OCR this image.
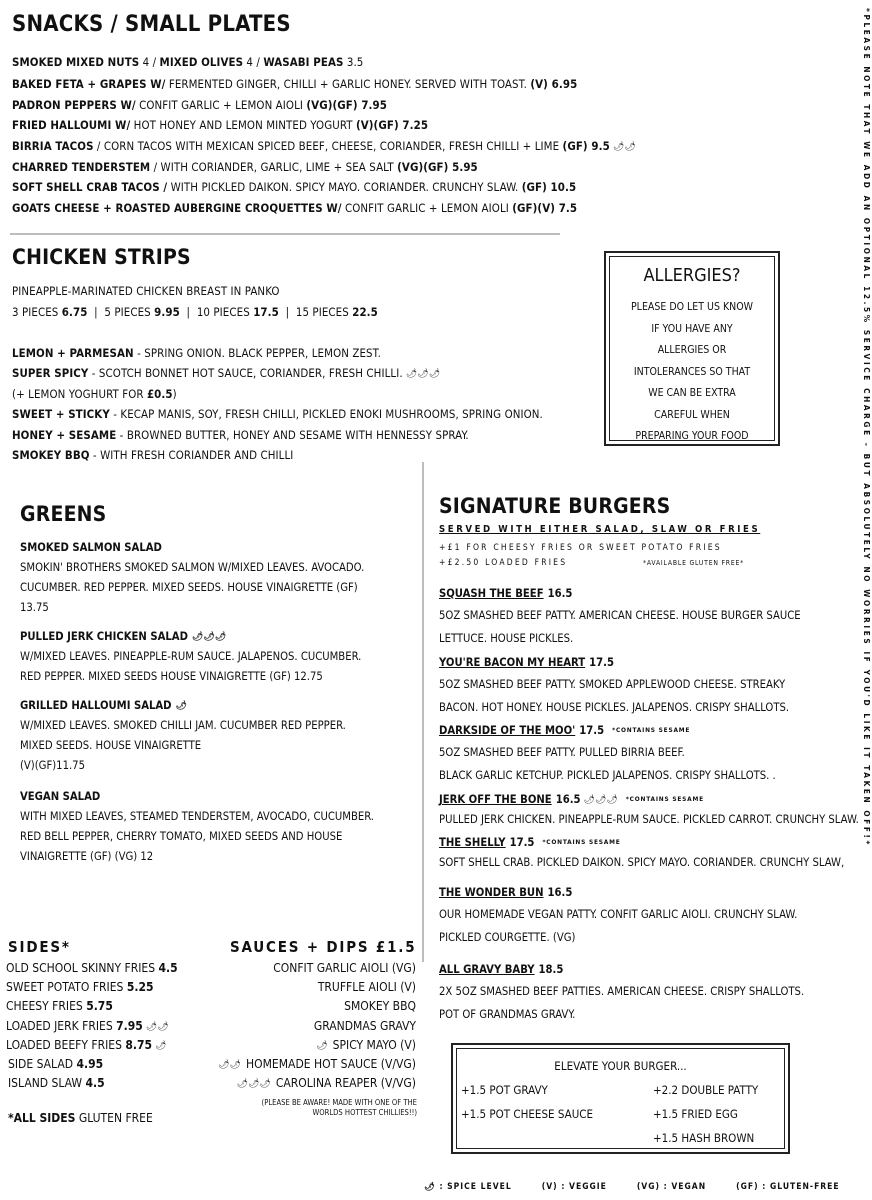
SNACKS / SMALL PLATES
SMOKED MIXED NUTS 4 / MIXED OLIVES 4 / WASABI PEAS 3.5
BAKED FETA + GRAPES W/ FERMENTED GINGER, CHILLI + GARLIC HONEY. SERVED WITH TOAST. (V) 6.95
PADRON PEPPERS W/ CONFIT GARLIC + LEMON AIOLI (VG)(GF) 7.95
FRIED HALLOUMI W/ HOT HONEY AND LEMON MINTED YOGURT (V)(GF) 7.25
BIRRIA TACOS / CORN TACOS WITH MEXICAN SPICED BEEF, CHEESE, CORIANDER, FRESH CHILLI + LIME (GF) 9.5 🌶🌶
CHARRED TENDERSTEM / WITH CORIANDER, GARLIC, LIME + SEA SALT (VG)(GF) 5.95
SOFT SHELL CRAB TACOS / WITH PICKLED DAIKON. SPICY MAYO. CORIANDER. CRUNCHY SLAW. (GF) 10.5
GOATS CHEESE + ROASTED AUBERGINE CROQUETTES W/ CONFIT GARLIC + LEMON AIOLI (GF)(V) 7.5
CHICKEN STRIPS
PINEAPPLE-MARINATED CHICKEN BREAST IN PANKO
3 PIECES 6.75  |  5 PIECES 9.95  |  10 PIECES 17.5  |  15 PIECES 22.5
LEMON + PARMESAN - SPRING ONION. BLACK PEPPER, LEMON ZEST.
SUPER SPICY - SCOTCH BONNET HOT SAUCE, CORIANDER, FRESH CHILLI. 🌶🌶🌶
(+ LEMON YOGHURT FOR £0.5)
SWEET + STICKY - KECAP MANIS, SOY, FRESH CHILLI, PICKLED ENOKI MUSHROOMS, SPRING ONION.
HONEY + SESAME - BROWNED BUTTER, HONEY AND SESAME WITH HENNESSY SPRAY.
SMOKEY BBQ - WITH FRESH CORIANDER AND CHILLI
ALLERGIES?
PLEASE DO LET US KNOW
IF YOU HAVE ANY
ALLERGIES OR
INTOLERANCES SO THAT
WE CAN BE EXTRA
CAREFUL WHEN
PREPARING YOUR FOOD	*PLEASE NOTE THAT WE ADD AN OPTIONAL 12.5% SERVICE CHARGE - BUT ABSOLUTELY NO WORRIES IF YOU'D LIKE IT TAKEN OFF!*
GREENS
SMOKED SALMON SALAD
SMOKIN' BROTHERS SMOKED SALMON W/MIXED LEAVES. AVOCADO.
CUCUMBER. RED PEPPER. MIXED SEEDS. HOUSE VINAIGRETTE (GF)
13.75
PULLED JERK CHICKEN SALAD 🌶🌶🌶
W/MIXED LEAVES. PINEAPPLE-RUM SAUCE. JALAPENOS. CUCUMBER.
RED PEPPER. MIXED SEEDS HOUSE VINAIGRETTE (GF) 12.75
GRILLED HALLOUMI SALAD 🌶
W/MIXED LEAVES. SMOKED CHILLI JAM. CUCUMBER RED PEPPER.
MIXED SEEDS. HOUSE VINAIGRETTE
(V)(GF)11.75
VEGAN SALAD
WITH MIXED LEAVES, STEAMED TENDERSTEM, AVOCADO, CUCUMBER.
RED BELL PEPPER, CHERRY TOMATO, MIXED SEEDS AND HOUSE
VINAIGRETTE (GF) (VG) 12
SIGNATURE BURGERS
SERVED WITH EITHER SALAD, SLAW OR FRIES
+£1 FOR CHEESY FRIES OR SWEET POTATO FRIES
+£2.50 LOADED FRIES	*AVAILABLE GLUTEN FREE*
SQUASH THE BEEF 16.5
5OZ SMASHED BEEF PATTY. AMERICAN CHEESE. HOUSE BURGER SAUCE
LETTUCE. HOUSE PICKLES.
YOU'RE BACON MY HEART 17.5
5OZ SMASHED BEEF PATTY. SMOKED APPLEWOOD CHEESE. STREAKY
BACON. HOT HONEY. HOUSE PICKLES. JALAPENOS. CRISPY SHALLOTS.
DARKSIDE OF THE MOO' 17.5 *CONTAINS SESAME
5OZ SMASHED BEEF PATTY. PULLED BIRRIA BEEF.
BLACK GARLIC KETCHUP. PICKLED JALAPENOS. CRISPY SHALLOTS. .
JERK OFF THE BONE 16.5 🌶🌶🌶 *CONTAINS SESAME
PULLED JERK CHICKEN. PINEAPPLE-RUM SAUCE. PICKLED CARROT. CRUNCHY SLAW.
THE SHELLY 17.5 *CONTAINS SESAME
SOFT SHELL CRAB. PICKLED DAIKON. SPICY MAYO. CORIANDER. CRUNCHY SLAW,
THE WONDER BUN 16.5
OUR HOMEMADE VEGAN PATTY. CONFIT GARLIC AIOLI. CRUNCHY SLAW.
PICKLED COURGETTE. (VG)
ALL GRAVY BABY 18.5
2X 5OZ SMASHED BEEF PATTIES. AMERICAN CHEESE. CRISPY SHALLOTS.
POT OF GRANDMAS GRAVY.
SIDES*
OLD SCHOOL SKINNY FRIES 4.5
SWEET POTATO FRIES 5.25
CHEESY FRIES 5.75
LOADED JERK FRIES 7.95 🌶🌶
LOADED BEEFY FRIES 8.75 🌶
SIDE SALAD 4.95
ISLAND SLAW 4.5
*ALL SIDES GLUTEN FREE
SAUCES + DIPS £1.5
CONFIT GARLIC AIOLI (VG)
TRUFFLE AIOLI (V)
SMOKEY BBQ
GRANDMAS GRAVY
🌶 SPICY MAYO (V)
🌶🌶 HOMEMADE HOT SAUCE (V/VG)
🌶🌶🌶 CAROLINA REAPER (V/VG)
(PLEASE BE AWARE! MADE WITH ONE OF THE
WORLDS HOTTEST CHILLIES!!)
ELEVATE YOUR BURGER...
+1.5 POT GRAVY
+1.5 POT CHEESE SAUCE
+2.2 DOUBLE PATTY
+1.5 FRIED EGG
+1.5 HASH BROWN
🌶 : SPICE LEVEL	(V) : VEGGIE	(VG) : VEGAN	(GF) : GLUTEN-FREE
